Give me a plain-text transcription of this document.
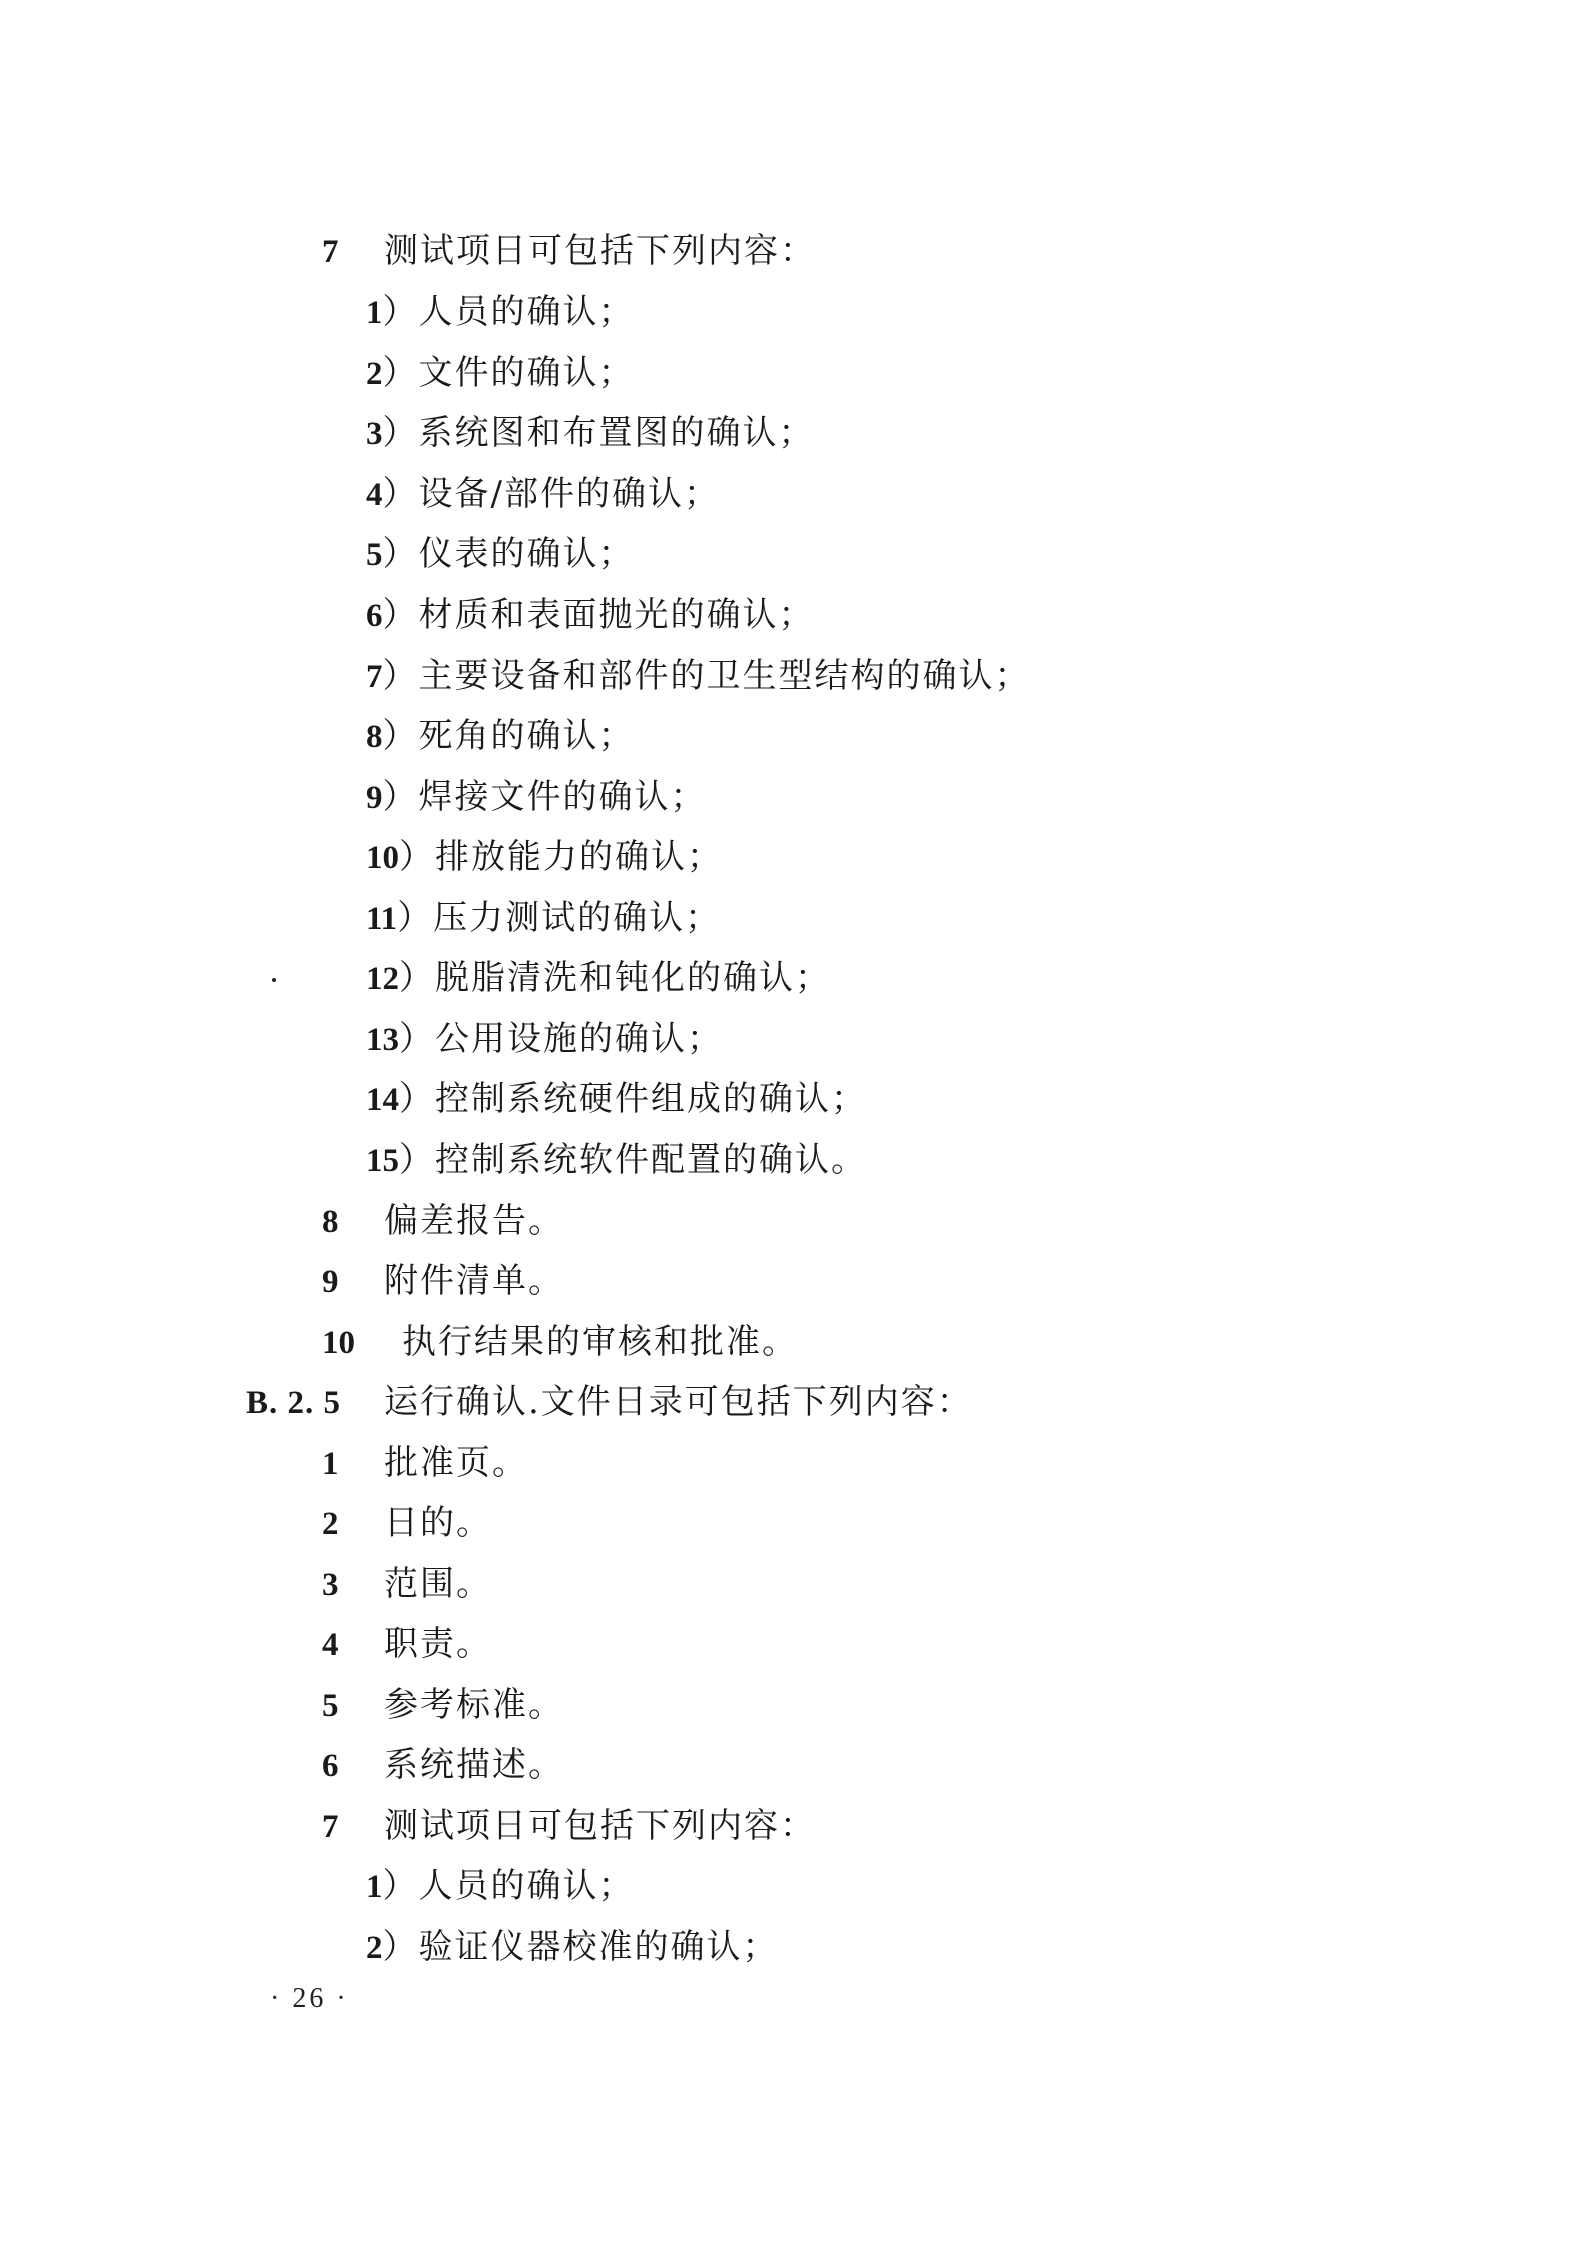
7 测试项日可包括下列内容：
1）人员的确认；
2）文件的确认；
3）系统图和布置图的确认；
4）设备/部件的确认；
5）仪表的确认；
6）材质和表面抛光的确认；
7）主要设备和部件的卫生型结构的确认；
8）死角的确认；
9）焊接文件的确认；
10）排放能力的确认；
11）压力测试的确认；
12）脱脂清洗和钝化的确认；
13）公用设施的确认；
14）控制系统硬件组成的确认；
15）控制系统软件配置的确认。
8 偏差报告。
9 附件清单。
10 执行结果的审核和批准。
B. 2. 5 运行确认.文件日录可包括下列内容：
1 批准页。
2 日的。
3 范围。
4 职责。
5 参考标准。
6 系统描述。
7 测试项日可包括下列内容：
1）人员的确认；
2）验证仪器校准的确认；
· 26 ·
